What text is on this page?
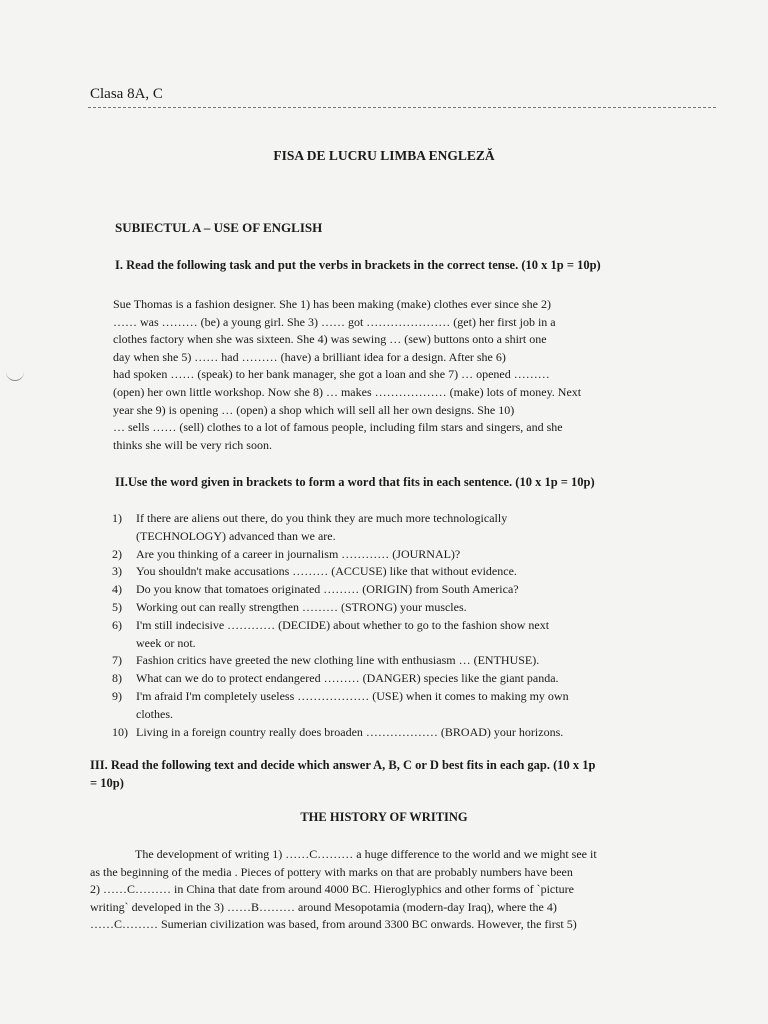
Clasa 8A, C
FISA DE LUCRU LIMBA ENGLEZĂ
SUBIECTUL A – USE OF ENGLISH
I. Read the following task and put the verbs in brackets in the correct tense. (10 x 1p = 10p)
Sue Thomas is a fashion designer. She 1) has been making (make) clothes ever since she 2)
…… was ……… (be) a young girl. She 3) …… got ………………… (get) her first job in a
clothes factory when she was sixteen. She 4) was sewing … (sew) buttons onto a shirt one
day when she 5) …… had ……… (have) a brilliant idea for a design. After she 6)
had spoken …… (speak) to her bank manager, she got a loan and she 7) … opened ………
(open) her own little workshop. Now she 8) … makes ……………… (make) lots of money. Next
year she 9) is opening … (open) a shop which will sell all her own designs. She 10)
… sells …… (sell) clothes to a lot of famous people, including film stars and singers, and she
thinks she will be very rich soon.
II.Use the word given in brackets to form a word that fits in each sentence. (10 x 1p = 10p)
1) If there are aliens out there, do you think they are much more technologically
(TECHNOLOGY) advanced than we are.
2) Are you thinking of a career in journalism ………… (JOURNAL)?
3) You shouldn't make accusations ……… (ACCUSE) like that without evidence.
4) Do you know that tomatoes originated ……… (ORIGIN) from South America?
5) Working out can really strengthen ……… (STRONG) your muscles.
6) I'm still indecisive ………… (DECIDE) about whether to go to the fashion show next
week or not.
7) Fashion critics have greeted the new clothing line with enthusiasm … (ENTHUSE).
8) What can we do to protect endangered ……… (DANGER) species like the giant panda.
9) I'm afraid I'm completely useless ……………… (USE) when it comes to making my own
clothes.
10) Living in a foreign country really does broaden ……………… (BROAD) your horizons.
III. Read the following text and decide which answer A, B, C or D best fits in each gap. (10 x 1p
= 10p)
THE HISTORY OF WRITING
The development of writing 1) ……C……… a huge difference to the world and we might see it
as the beginning of the media . Pieces of pottery with marks on that are probably numbers have been
2) ……C……… in China that date from around 4000 BC. Hieroglyphics and other forms of `picture
writing` developed in the 3) ……B……… around Mesopotamia (modern-day Iraq), where the 4)
……C……… Sumerian civilization was based, from around 3300 BC onwards. However, the first 5)
